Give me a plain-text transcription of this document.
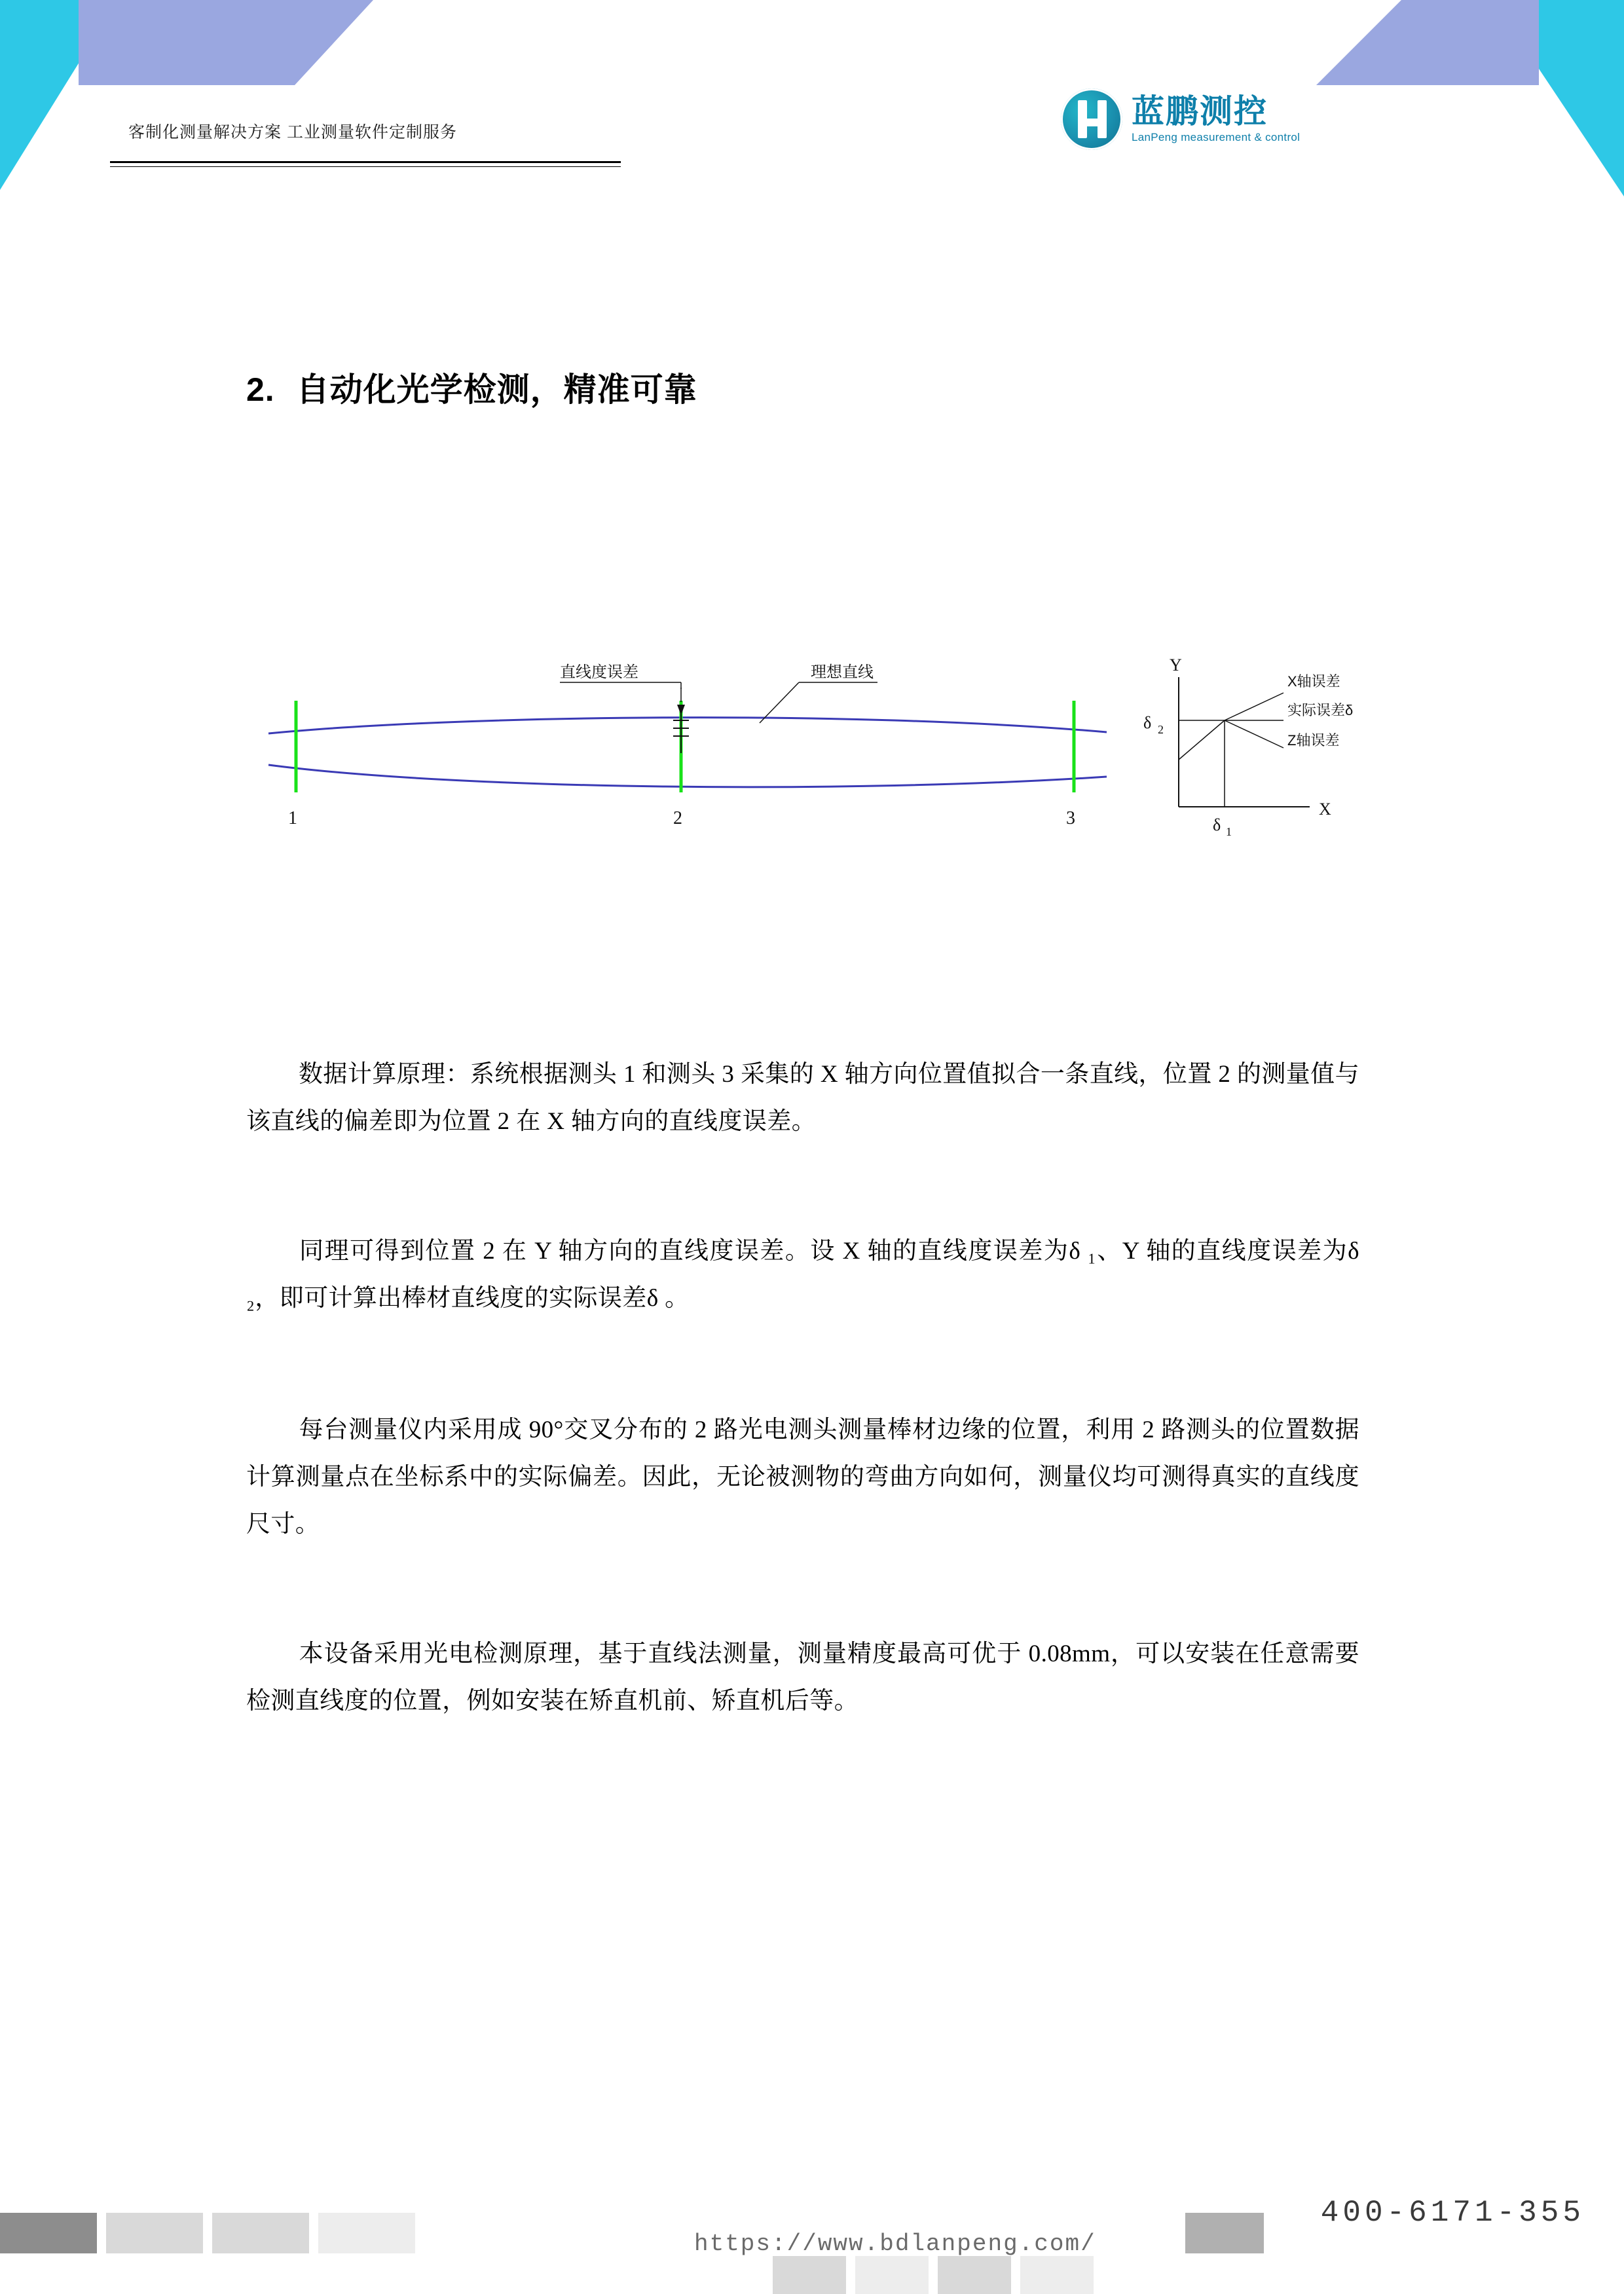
客制化测量解决方案 工业测量软件定制服务
蓝鹏测控
LanPeng measurement & control
2. 自动化光学检测，精准可靠
直线度误差	理想直线
1	2	3
Y
X
δ 2
δ 1
X轴误差
实际误差δ
Z轴误差
数据计算原理：系统根据测头 1 和测头 3 采集的 X 轴方向位置值拟合一条直线，位置 2 的测量值与该直线的偏差即为位置 2 在 X 轴方向的直线度误差。
同理可得到位置 2 在 Y 轴方向的直线度误差。设 X 轴的直线度误差为δ ₁、Y 轴的直线度误差为δ ₂，即可计算出棒材直线度的实际误差δ 。
每台测量仪内采用成 90°交叉分布的 2 路光电测头测量棒材边缘的位置，利用 2 路测头的位置数据计算测量点在坐标系中的实际偏差。因此，无论被测物的弯曲方向如何，测量仪均可测得真实的直线度尺寸。
本设备采用光电检测原理，基于直线法测量，测量精度最高可优于 0.08mm，可以安装在任意需要检测直线度的位置，例如安装在矫直机前、矫直机后等。
https://www.bdlanpeng.com/
400-6171-355
